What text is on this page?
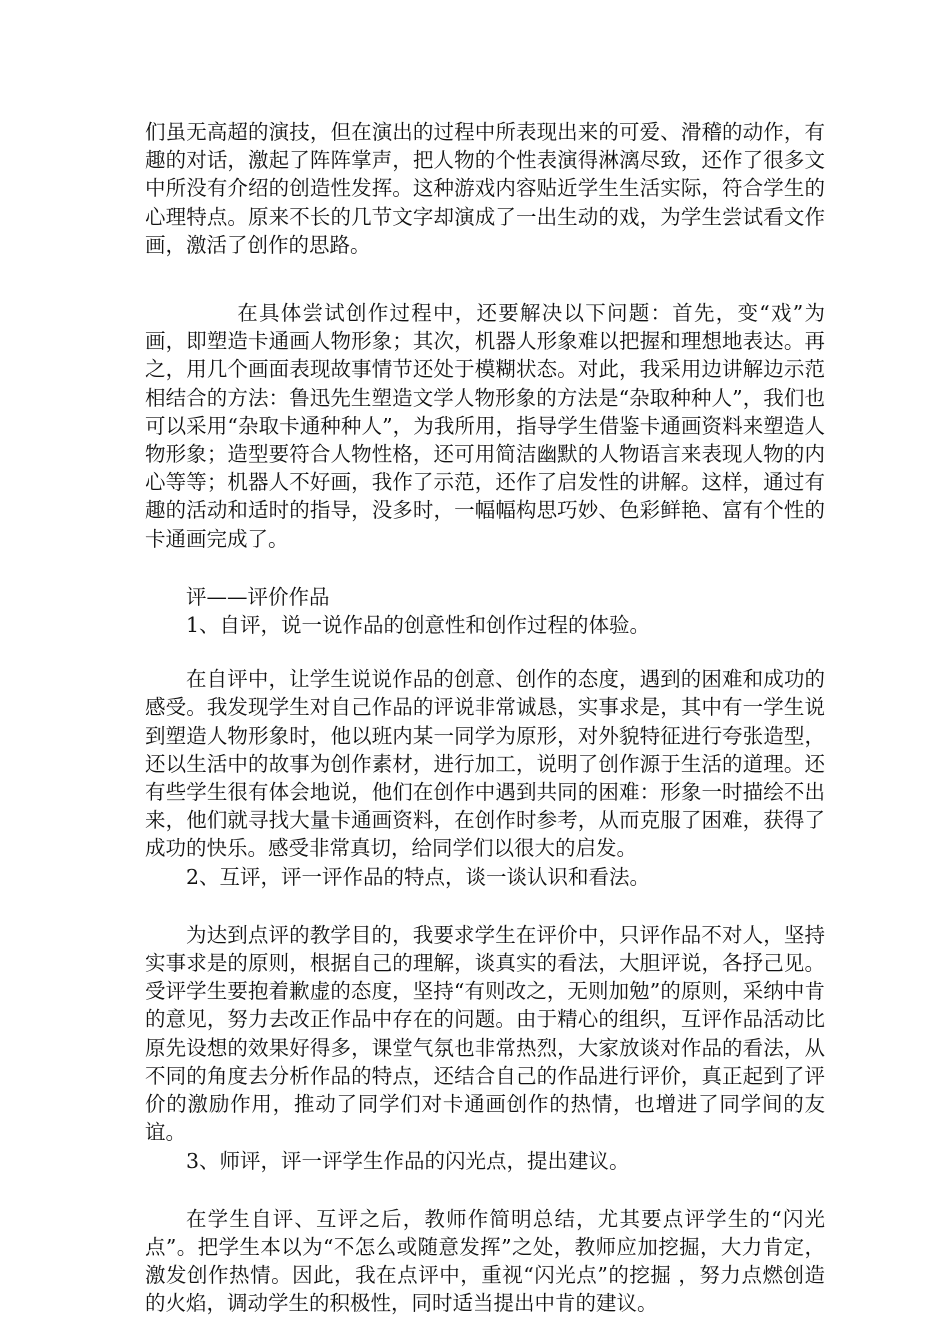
们虽无高超的演技，但在演出的过程中所表现出来的可爱、滑稽的动作，有趣的对话，激起了阵阵掌声，把人物的个性表演得淋漓尽致，还作了很多文中所没有介绍的创造性发挥。这种游戏内容贴近学生生活实际，符合学生的心理特点。原来不长的几节文字却演成了一出生动的戏，为学生尝试看文作画，激活了创作的思路。

在具体尝试创作过程中，还要解决以下问题：首先，变“戏”为画，即塑造卡通画人物形象；其次，机器人形象难以把握和理想地表达。再之，用几个画面表现故事情节还处于模糊状态。对此，我采用边讲解边示范相结合的方法：鲁迅先生塑造文学人物形象的方法是“杂取种种人”，我们也可以采用“杂取卡通种种人”，为我所用，指导学生借鉴卡通画资料来塑造人物形象；造型要符合人物性格，还可用简洁幽默的人物语言来表现人物的内心等等；机器人不好画，我作了示范，还作了启发性的讲解。这样，通过有趣的活动和适时的指导，没多时，一幅幅构思巧妙、色彩鲜艳、富有个性的卡通画完成了。

评——评价作品

1、自评，说一说作品的创意性和创作过程的体验。

在自评中，让学生说说作品的创意、创作的态度，遇到的困难和成功的感受。我发现学生对自己作品的评说非常诚恳，实事求是，其中有一学生说到塑造人物形象时，他以班内某一同学为原形，对外貌特征进行夸张造型，还以生活中的故事为创作素材，进行加工，说明了创作源于生活的道理。还有些学生很有体会地说，他们在创作中遇到共同的困难：形象一时描绘不出来，他们就寻找大量卡通画资料，在创作时参考，从而克服了困难，获得了成功的快乐。感受非常真切，给同学们以很大的启发。

2、互评，评一评作品的特点，谈一谈认识和看法。

为达到点评的教学目的，我要求学生在评价中，只评作品不对人，坚持实事求是的原则，根据自己的理解，谈真实的看法，大胆评说，各抒己见。受评学生要抱着歉虚的态度，坚持“有则改之，无则加勉”的原则，采纳中肯的意见，努力去改正作品中存在的问题。由于精心的组织，互评作品活动比原先设想的效果好得多，课堂气氛也非常热烈，大家放谈对作品的看法，从不同的角度去分析作品的特点，还结合自己的作品进行评价，真正起到了评价的激励作用，推动了同学们对卡通画创作的热情，也增进了同学间的友谊。

3、师评，评一评学生作品的闪光点，提出建议。

在学生自评、互评之后，教师作简明总结，尤其要点评学生的“闪光点”。把学生本以为“不怎么或随意发挥”之处，教师应加挖掘，大力肯定，激发创作热情。因此，我在点评中，重视“闪光点”的挖掘 ，努力点燃创造的火焰，调动学生的积极性，同时适当提出中肯的建议。
